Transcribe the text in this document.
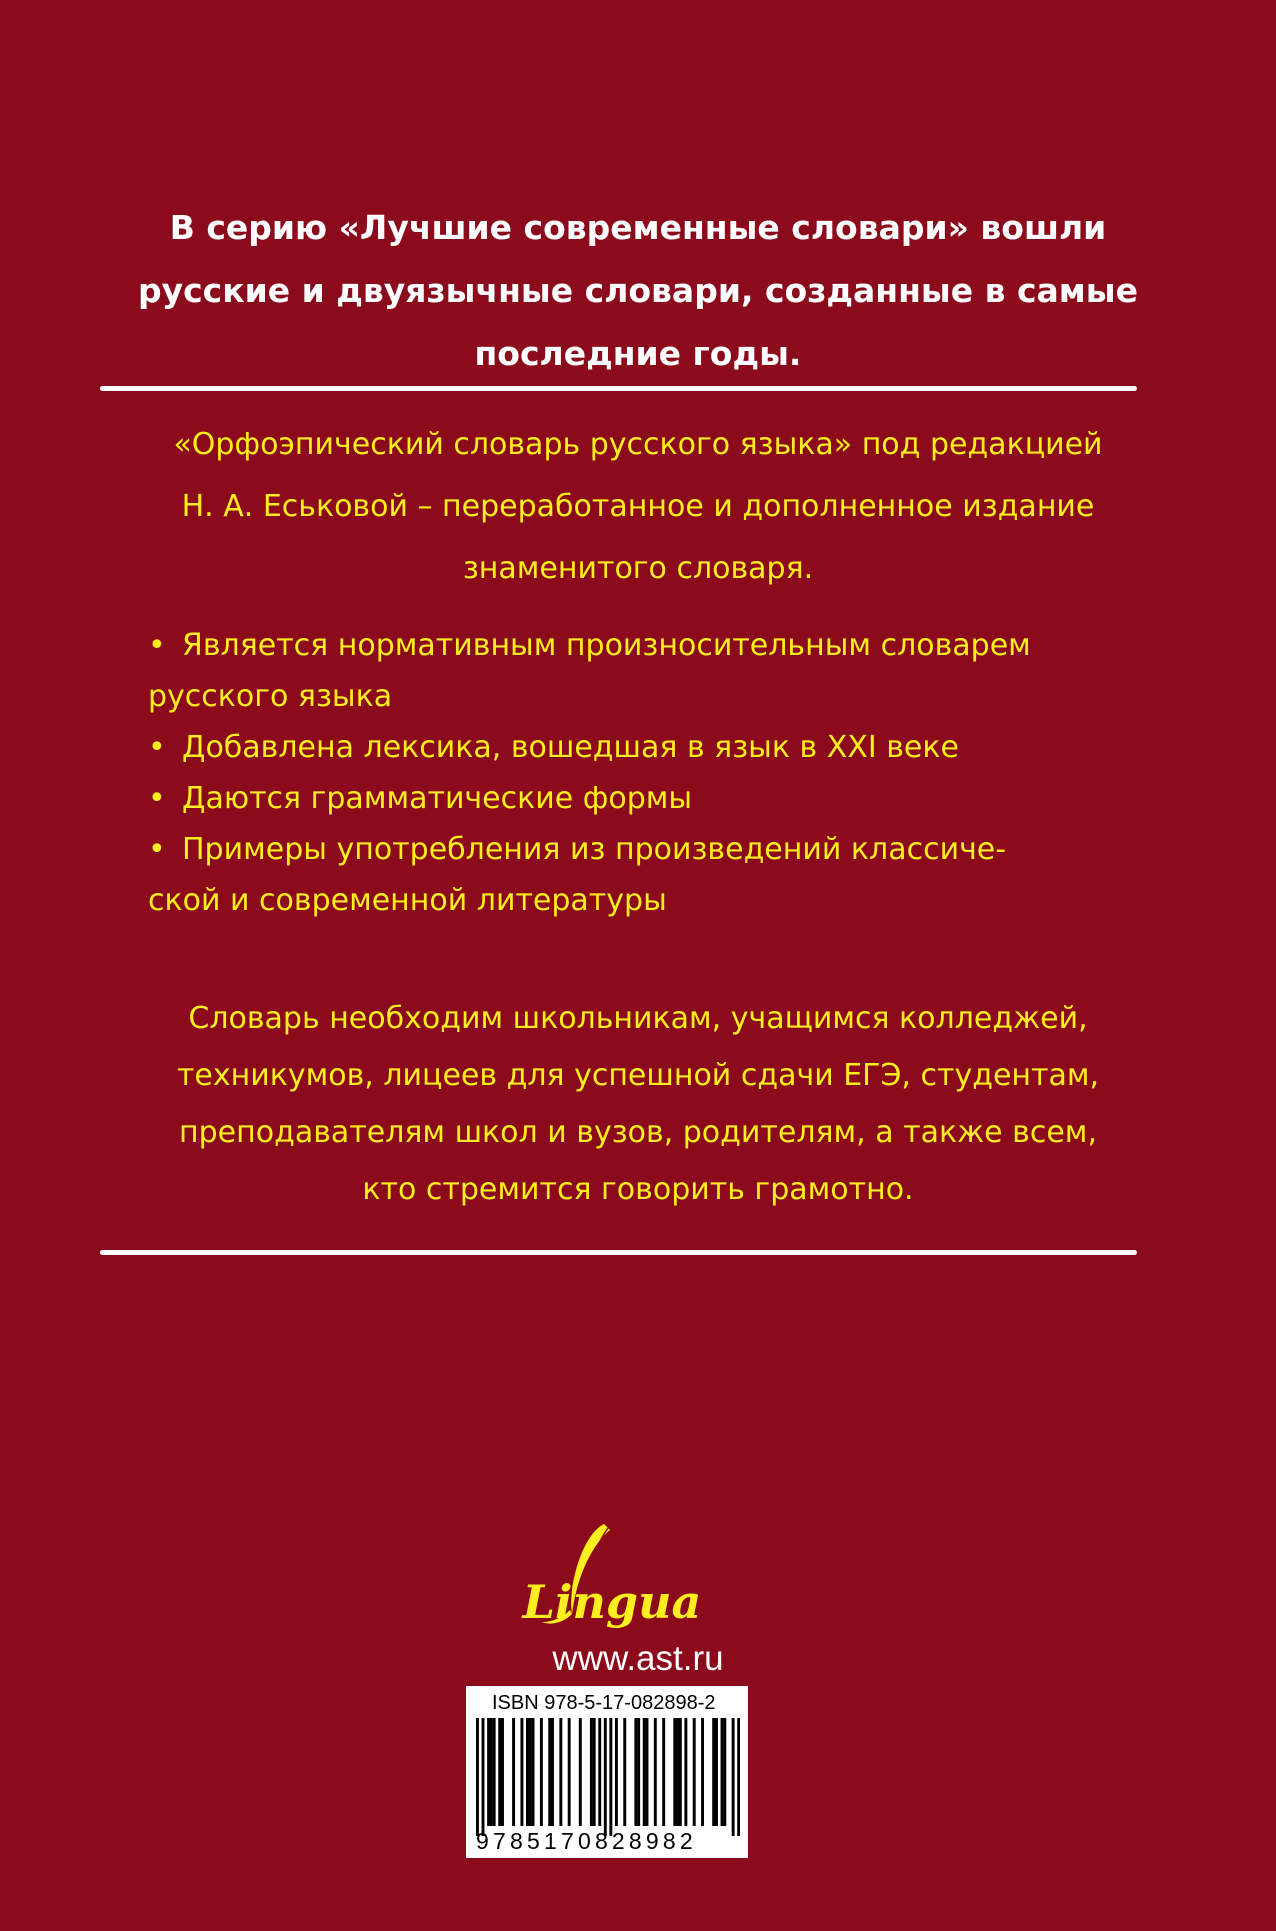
В серию «Лучшие современные словари» вошли
русские и двуязычные словари, созданные в самые
последние годы.

«Орфоэпический словарь русского языка» под редакцией
Н. А. Еськовой – переработанное и дополненное издание
знаменитого словаря.

• Является нормативным произносительным словарем
русского языка
• Добавлена лексика, вошедшая в язык в XXI веке
• Даются грамматические формы
• Примеры употребления из произведений классиче-
ской и современной литературы

Словарь необходим школьникам, учащимся колледжей,
техникумов, лицеев для успешной сдачи ЕГЭ, студентам,
преподавателям школ и вузов, родителям, а также всем,
кто стремится говорить грамотно.

Lingua
www.ast.ru
ISBN 978-5-17-082898-2
9785170828982
